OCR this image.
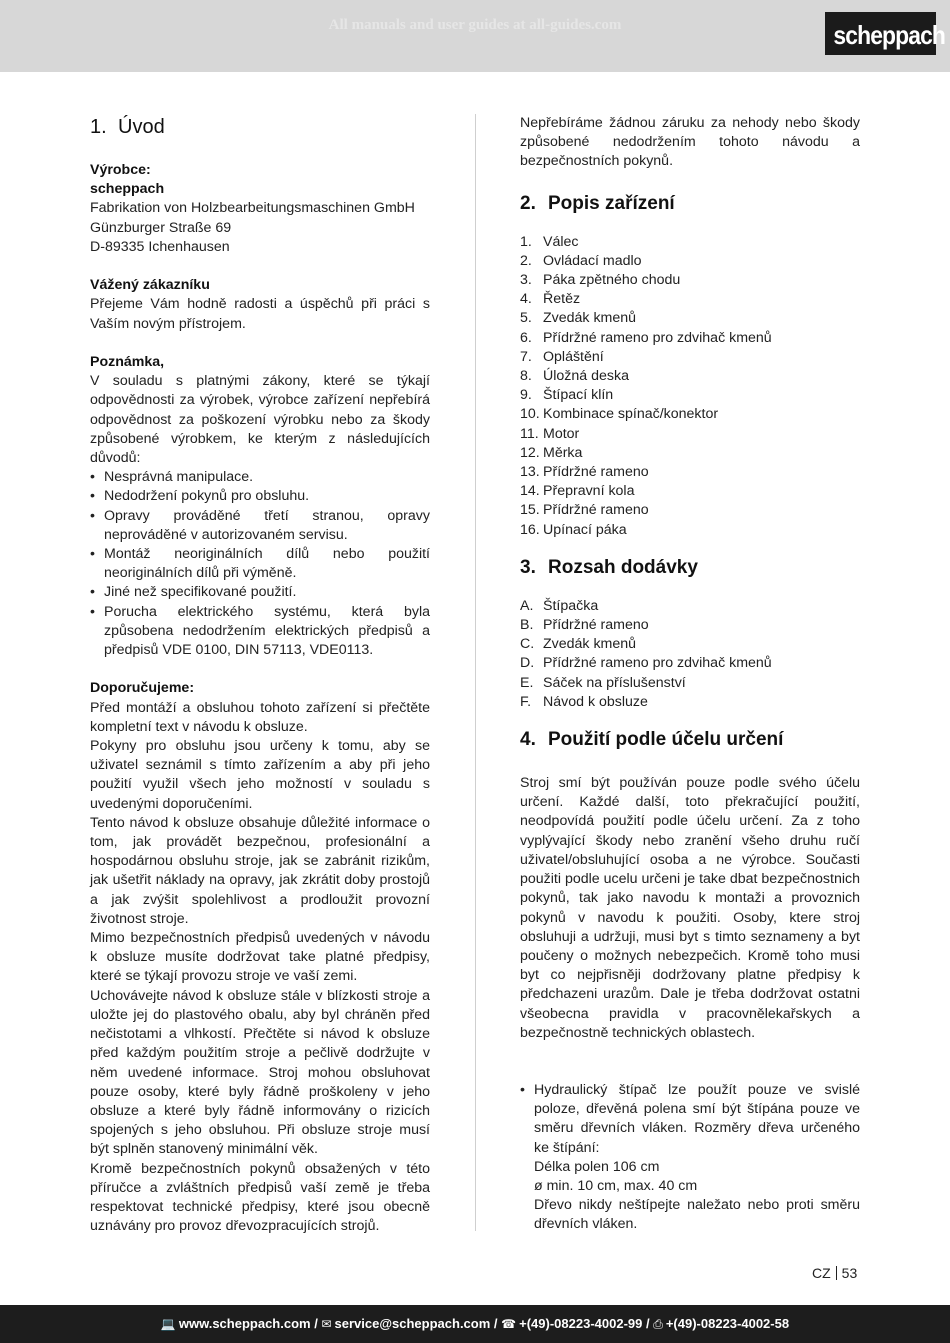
All manuals and user guides at all-guides.com	scheppach
1. Úvod

Výrobce:

scheppach

Fabrikation von Holzbearbeitungsmaschinen GmbH

Günzburger Straße 69

D-89335 Ichenhausen

Vážený zákazníku

Přejeme Vám hodně radosti a úspěchů při práci s Vaším novým přístrojem.

Poznámka,

V souladu s platnými zákony, které se týkají odpovědnosti za výrobek, výrobce zařízení nepřebírá odpovědnost za poškození výrobku nebo za škody způsobené výrobkem, ke kterým z následujících důvodů:

• Nesprávná manipulace.
• Nedodržení pokynů pro obsluhu.
• Opravy prováděné třetí stranou, opravy neprováděné v autorizovaném servisu.
• Montáž neoriginálních dílů nebo použití neoriginálních dílů při výměně.
• Jiné než specifikované použití.
• Porucha elektrického systému, která byla způsobena nedodržením elektrických předpisů a předpisů VDE 0100, DIN 57113, VDE0113.

Doporučujeme:

Před montáží a obsluhou tohoto zařízení si přečtěte kompletní text v návodu k obsluze.

Pokyny pro obsluhu jsou určeny k tomu, aby se uživatel seznámil s tímto zařízením a aby při jeho použití využil všech jeho možností v souladu s uvedenými doporučeními.

Tento návod k obsluze obsahuje důležité informace o tom, jak provádět bezpečnou, profesionální a hospodárnou obsluhu stroje, jak se zabránit rizikům, jak ušetřit náklady na opravy, jak zkrátit doby prostojů a jak zvýšit spolehlivost a prodloužit provozní životnost stroje.

Mimo bezpečnostních předpisů uvedených v návodu k obsluze musíte dodržovat take platné předpisy, které se týkají provozu stroje ve vaší zemi.

Uchovávejte návod k obsluze stále v blízkosti stroje a uložte jej do plastového obalu, aby byl chráněn před nečistotami a vlhkostí. Přečtěte si návod k obsluze před každým použitím stroje a pečlivě dodržujte v něm uvedené informace. Stroj mohou obsluhovat pouze osoby, které byly řádně proškoleny v jeho obsluze a které byly řádně informovány o rizicích spojených s jeho obsluhou. Při obsluze stroje musí být splněn stanovený minimální věk.

Kromě bezpečnostních pokynů obsažených v této příručce a zvláštních předpisů vaší země je třeba respektovat technické předpisy, které jsou obecně uznávány pro provoz dřevozpracujících strojů.

Nepřebíráme žádnou záruku za nehody nebo škody způsobené nedodržením tohoto návodu a bezpečnostních pokynů.

2. Popis zařízení
1. Válec
2. Ovládací madlo
3. Páka zpětného chodu
4. Řetěz
5. Zvedák kmenů
6. Přídržné rameno pro zdvihač kmenů
7. Opláštění
8. Úložná deska
9. Štípací klín
10. Kombinace spínač/konektor
11. Motor
12. Měrka
13. Přídržné rameno
14. Přepravní kola
15. Přídržné rameno
16. Upínací páka
3. Rozsah dodávky
A. Štípačka
B. Přídržné rameno
C. Zvedák kmenů
D. Přídržné rameno pro zdvihač kmenů
E. Sáček na příslušenství
F. Návod k obsluze
4. Použití podle účelu určení

Stroj smí být používán pouze podle svého účelu určení. Každé další, toto překračující použití, neodpovídá použití podle účelu určení. Za z toho vyplývající škody nebo zranění všeho druhu ručí uživatel/obsluhující osoba a ne výrobce. Současti použiti podle ucelu určeni je take dbat bezpečnostnich pokynů, tak jako navodu k montaži a provoznich pokynů v navodu k použiti. Osoby, ktere stroj obsluhuji a udržuji, musi byt s timto seznameny a byt poučeny o možnych nebezpečich. Kromě toho musi byt co nejpřisněji dodržovany platne předpisy k předchazeni urazům. Dale je třeba dodržovat ostatni všeobecna pravidla v pracovnělekařskych a bezpečnostně technických oblastech.

• Hydraulický štípač lze použít pouze ve svislé poloze, dřevěná polena smí být štípána pouze ve směru dřevních vláken. Rozměry dřeva určeného ke štípání:
Délka polen 106 cm
ø min. 10 cm, max. 40 cm
Dřevo nikdy neštípejte naležato nebo proti směru dřevních vláken.
CZ 53
💻 www.scheppach.com / ✉ service@scheppach.com / ☎ +(49)-08223-4002-99 / ⎙ +(49)-08223-4002-58
